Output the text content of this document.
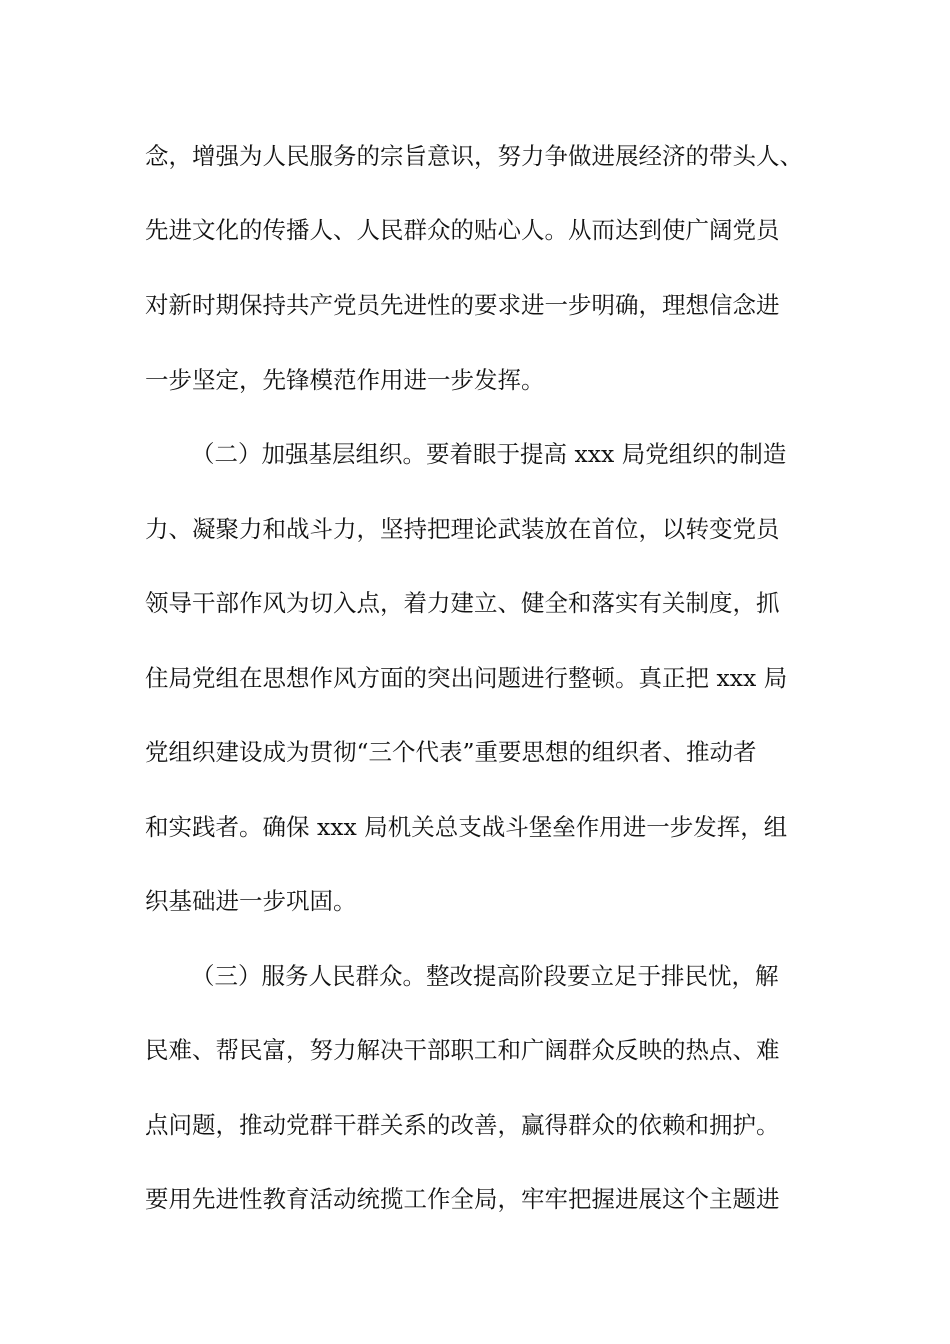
念，增强为人民服务的宗旨意识，努力争做进展经济的带头人、

先进文化的传播人、人民群众的贴心人。从而达到使广阔党员

对新时期保持共产党员先进性的要求进一步明确，理想信念进

一步坚定，先锋模范作用进一步发挥。

（二）加强基层组织。要着眼于提高 xxx 局党组织的制造

力、凝聚力和战斗力，坚持把理论武装放在首位，以转变党员

领导干部作风为切入点，着力建立、健全和落实有关制度，抓

住局党组在思想作风方面的突出问题进行整顿。真正把 xxx 局

党组织建设成为贯彻“三个代表”重要思想的组织者、推动者

和实践者。确保 xxx 局机关总支战斗堡垒作用进一步发挥，组

织基础进一步巩固。

（三）服务人民群众。整改提高阶段要立足于排民忧，解

民难、帮民富，努力解决干部职工和广阔群众反映的热点、难

点问题，推动党群干群关系的改善，赢得群众的依赖和拥护。

要用先进性教育活动统揽工作全局，牢牢把握进展这个主题进
